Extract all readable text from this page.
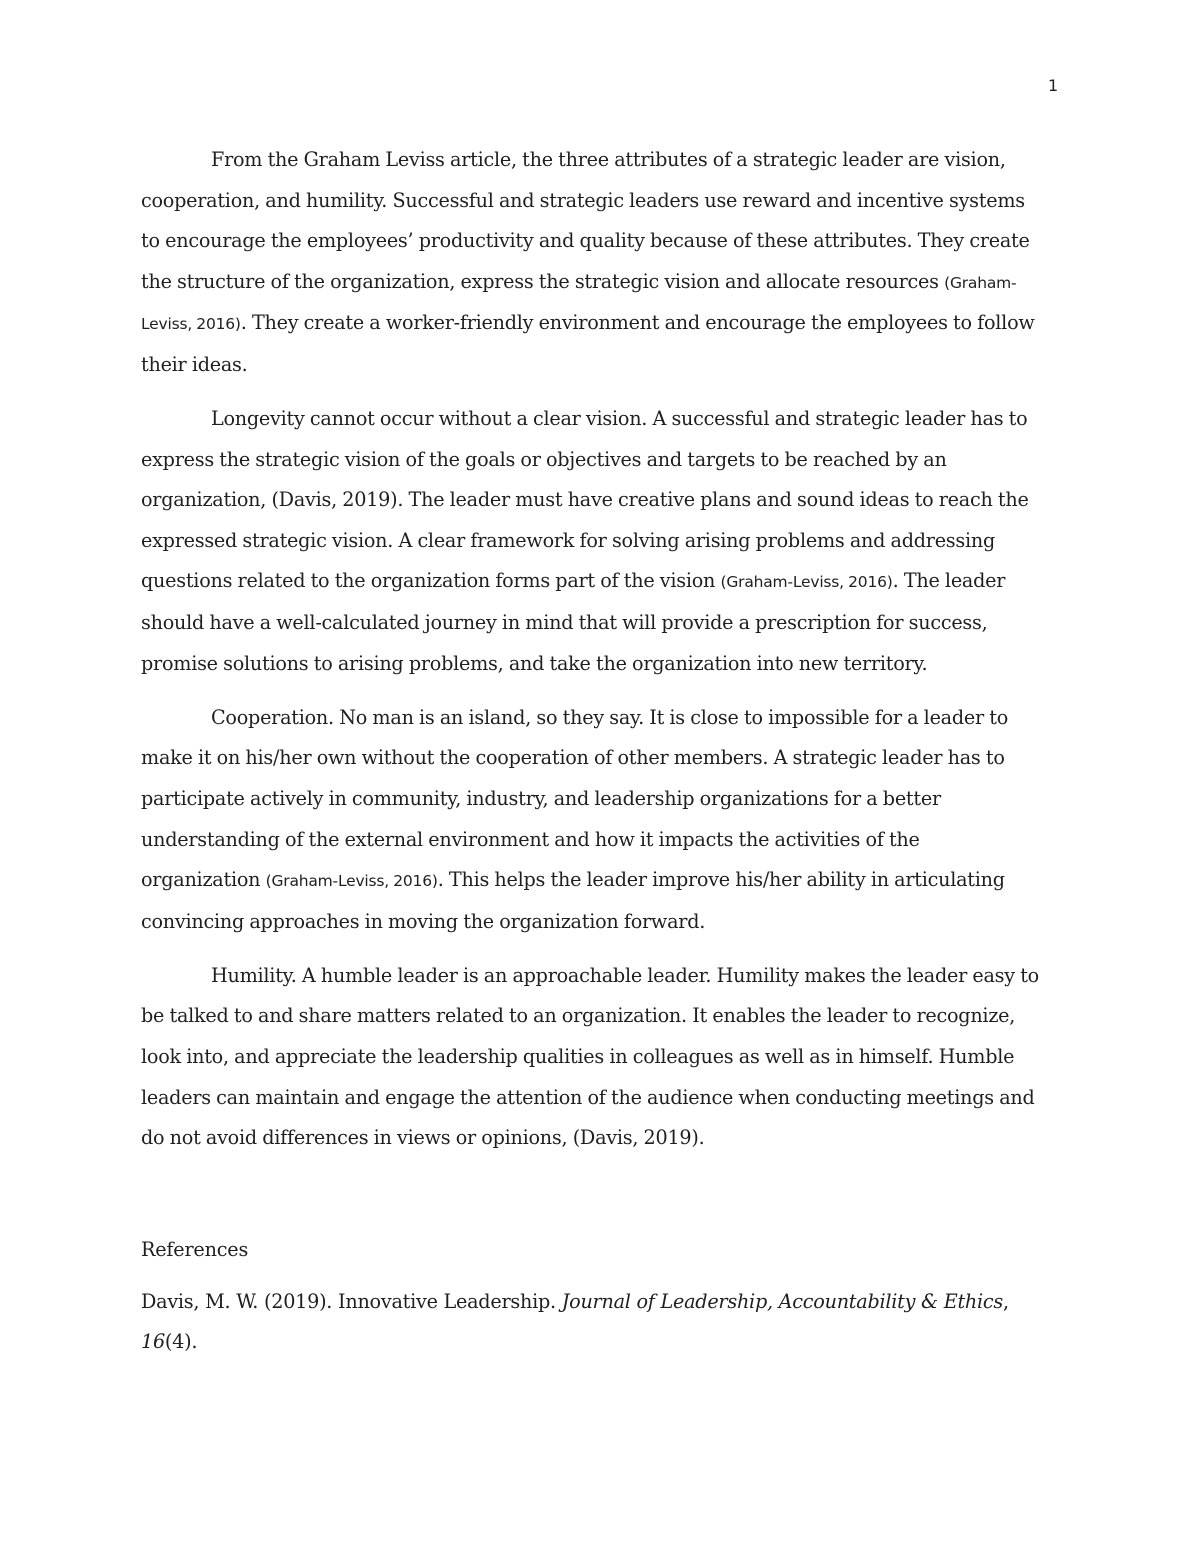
1

From the Graham Leviss article, the three attributes of a strategic leader are vision, cooperation, and humility. Successful and strategic leaders use reward and incentive systems to encourage the employees’ productivity and quality because of these attributes. They create the structure of the organization, express the strategic vision and allocate resources (Graham-Leviss, 2016). They create a worker-friendly environment and encourage the employees to follow their ideas.

Longevity cannot occur without a clear vision. A successful and strategic leader has to express the strategic vision of the goals or objectives and targets to be reached by an organization, (Davis, 2019). The leader must have creative plans and sound ideas to reach the expressed strategic vision. A clear framework for solving arising problems and addressing questions related to the organization forms part of the vision (Graham-Leviss, 2016). The leader should have a well-calculated journey in mind that will provide a prescription for success, promise solutions to arising problems, and take the organization into new territory.

Cooperation. No man is an island, so they say. It is close to impossible for a leader to make it on his/her own without the cooperation of other members. A strategic leader has to participate actively in community, industry, and leadership organizations for a better understanding of the external environment and how it impacts the activities of the organization (Graham-Leviss, 2016). This helps the leader improve his/her ability in articulating convincing approaches in moving the organization forward.

Humility. A humble leader is an approachable leader. Humility makes the leader easy to be talked to and share matters related to an organization. It enables the leader to recognize, look into, and appreciate the leadership qualities in colleagues as well as in himself. Humble leaders can maintain and engage the attention of the audience when conducting meetings and do not avoid differences in views or opinions, (Davis, 2019).

References

Davis, M. W. (2019). Innovative Leadership. Journal of Leadership, Accountability & Ethics, 16(4).
